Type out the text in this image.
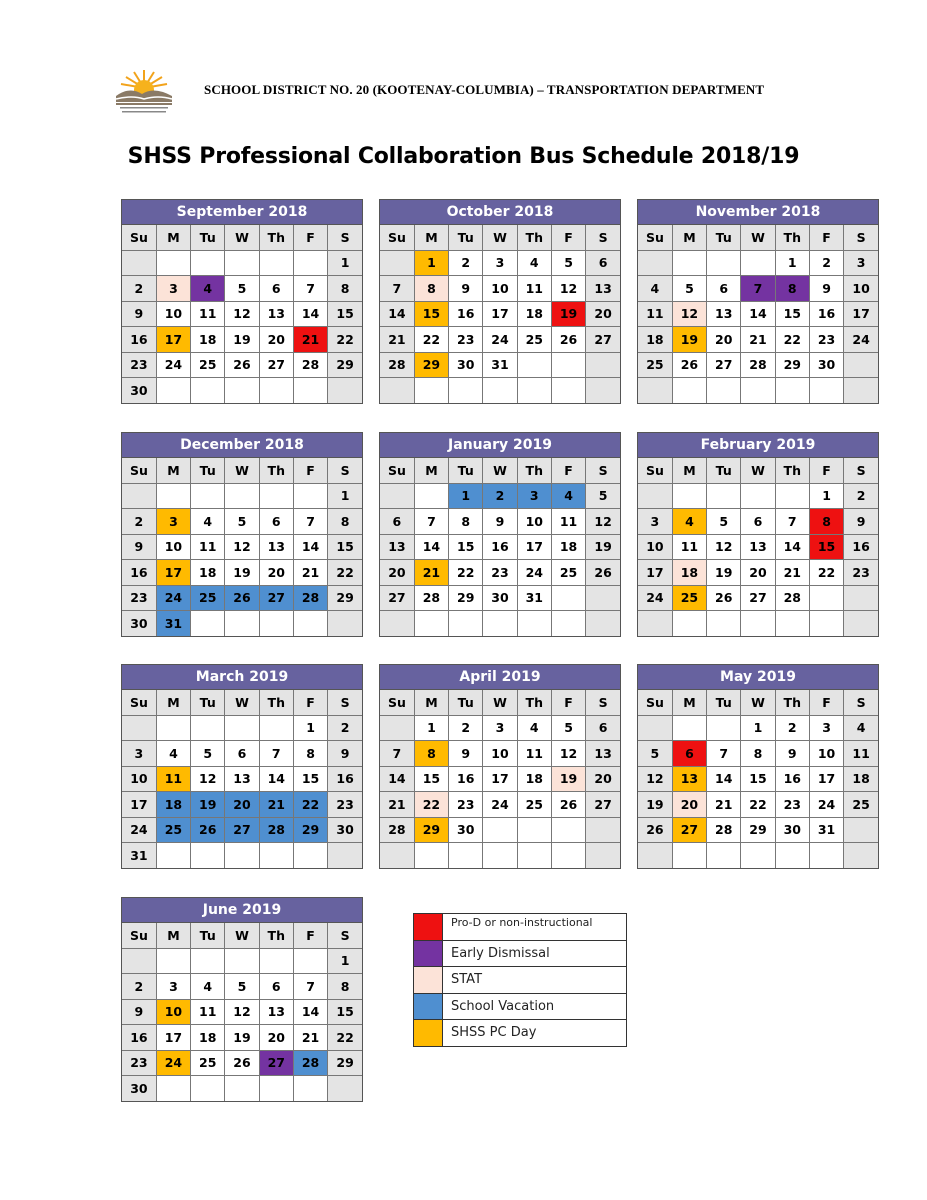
SCHOOL DISTRICT NO. 20 (KOOTENAY-COLUMBIA) – TRANSPORTATION DEPARTMENT
SHSS Professional Collaboration Bus Schedule 2018/19
September 2018
Su	M	Tu	W	Th	F	S
						1
2	3	4	5	6	7	8
9	10	11	12	13	14	15
16	17	18	19	20	21	22
23	24	25	26	27	28	29
30						
October 2018
Su	M	Tu	W	Th	F	S
	1	2	3	4	5	6
7	8	9	10	11	12	13
14	15	16	17	18	19	20
21	22	23	24	25	26	27
28	29	30	31			

November 2018
Su	M	Tu	W	Th	F	S
				1	2	3
4	5	6	7	8	9	10
11	12	13	14	15	16	17
18	19	20	21	22	23	24
25	26	27	28	29	30	

December 2018
Su	M	Tu	W	Th	F	S
						1
2	3	4	5	6	7	8
9	10	11	12	13	14	15
16	17	18	19	20	21	22
23	24	25	26	27	28	29
30	31					
January 2019
Su	M	Tu	W	Th	F	S
		1	2	3	4	5
6	7	8	9	10	11	12
13	14	15	16	17	18	19
20	21	22	23	24	25	26
27	28	29	30	31		

February 2019
Su	M	Tu	W	Th	F	S
					1	2
3	4	5	6	7	8	9
10	11	12	13	14	15	16
17	18	19	20	21	22	23
24	25	26	27	28		

March 2019
Su	M	Tu	W	Th	F	S
					1	2
3	4	5	6	7	8	9
10	11	12	13	14	15	16
17	18	19	20	21	22	23
24	25	26	27	28	29	30
31						
April 2019
Su	M	Tu	W	Th	F	S
	1	2	3	4	5	6
7	8	9	10	11	12	13
14	15	16	17	18	19	20
21	22	23	24	25	26	27
28	29	30				

May 2019
Su	M	Tu	W	Th	F	S
			1	2	3	4
5	6	7	8	9	10	11
12	13	14	15	16	17	18
19	20	21	22	23	24	25
26	27	28	29	30	31	

June 2019
Su	M	Tu	W	Th	F	S
						1
2	3	4	5	6	7	8
9	10	11	12	13	14	15
16	17	18	19	20	21	22
23	24	25	26	27	28	29
30						
Pro-D or non-instructional
Early Dismissal
STAT
School Vacation
SHSS PC Day
